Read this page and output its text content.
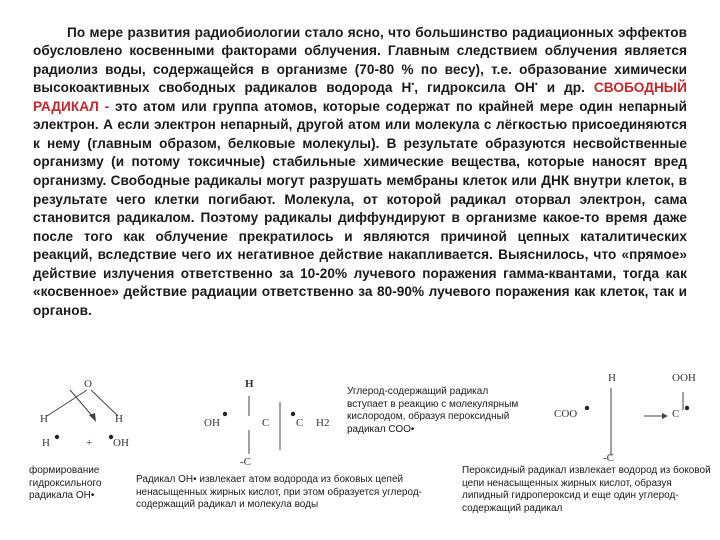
По мере развития радиобиологии стало ясно, что большинство радиационных эффектов обусловлено косвенными факторами облучения. Главным следствием облучения является радиолиз воды, содержащейся в организме (70-80 % по весу), т.е. образование химически высокоактивных свободных радикалов водорода Н•, гидроксила ОН• и др. СВОБОДНЫЙ РАДИКАЛ - это атом или группа атомов, которые содержат по крайней мере один непарный электрон. А если электрон непарный, другой атом или молекула с лёгкостью присоединяются к нему (главным образом, белковые молекулы). В результате образуются несвойственные организму (и потому токсичные) стабильные химические вещества, которые наносят вред организму. Свободные радикалы могут разрушать мембраны клеток или ДНК внутри клеток, в результате чего клетки погибают. Молекула, от которой радикал оторвал электрон, сама становится радикалом. Поэтому радикалы диффундируют в организме какое-то время даже после того как облучение прекратилось и являются причиной цепных каталитических реакций, вследствие чего их негативное действие накапливается. Выяснилось, что «прямое» действие излучения ответственно за 10-20% лучевого поражения гамма-квантами, тогда как «косвенное» действие радиации ответственно за 80-90% лучевого поражения как клеток, так и органов.

O
H	H
H	+ OH
H
OH	C C H2
-C
H	OOH
COO	C
-C
формирование гидроксильного радикала ОН•
Радикал ОН• извлекает атом водорода из боковых цепей ненасыщенных жирных кислот, при этом образуется углерод-содержащий радикал и молекула воды
Углерод-содержащий радикал вступает в реакцию с молекулярным кислородом, образуя пероксидный радикал СОО•
Пероксидный радикал извлекает водород из боковой цепи ненасыщенных жирных кислот, образуя липидный гидропероксид и еще один углерод-содержащий радикал
